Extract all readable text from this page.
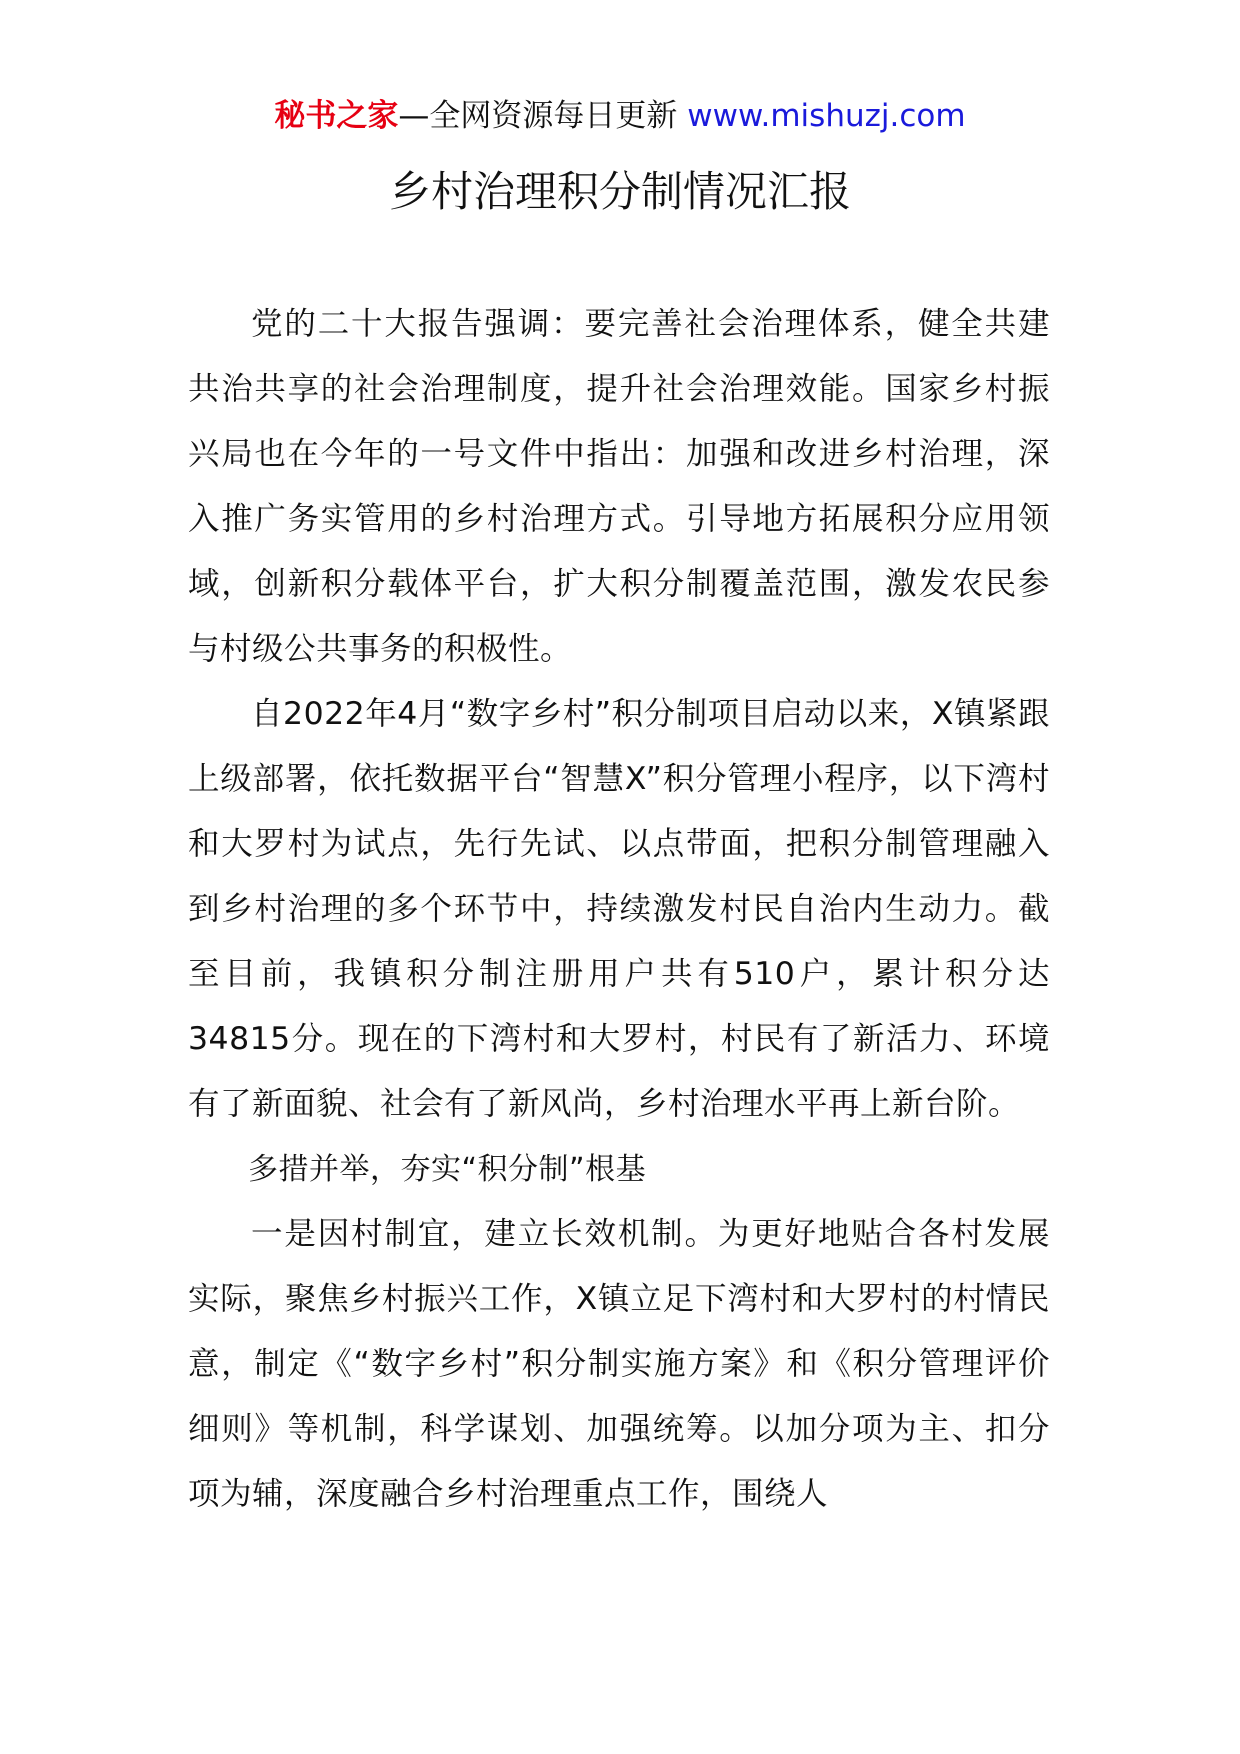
秘书之家—全网资源每日更新 www.mishuzj.com
乡村治理积分制情况汇报

党的二十大报告强调：要完善社会治理体系，健全共建共治共享的社会治理制度，提升社会治理效能。国家乡村振兴局也在今年的一号文件中指出：加强和改进乡村治理，深入推广务实管用的乡村治理方式。引导地方拓展积分应用领域，创新积分载体平台，扩大积分制覆盖范围，激发农民参与村级公共事务的积极性。

自2022年4月“数字乡村”积分制项目启动以来，X镇紧跟上级部署，依托数据平台“智慧X”积分管理小程序，以下湾村和大罗村为试点，先行先试、以点带面，把积分制管理融入到乡村治理的多个环节中，持续激发村民自治内生动力。截至目前，我镇积分制注册用户共有510户，累计积分达34815分。现在的下湾村和大罗村，村民有了新活力、环境有了新面貌、社会有了新风尚，乡村治理水平再上新台阶。

多措并举，夯实“积分制”根基

一是因村制宜，建立长效机制。为更好地贴合各村发展实际，聚焦乡村振兴工作，X镇立足下湾村和大罗村的村情民意，制定《“数字乡村”积分制实施方案》和《积分管理评价细则》等机制，科学谋划、加强统筹。以加分项为主、扣分项为辅，深度融合乡村治理重点工作，围绕人
